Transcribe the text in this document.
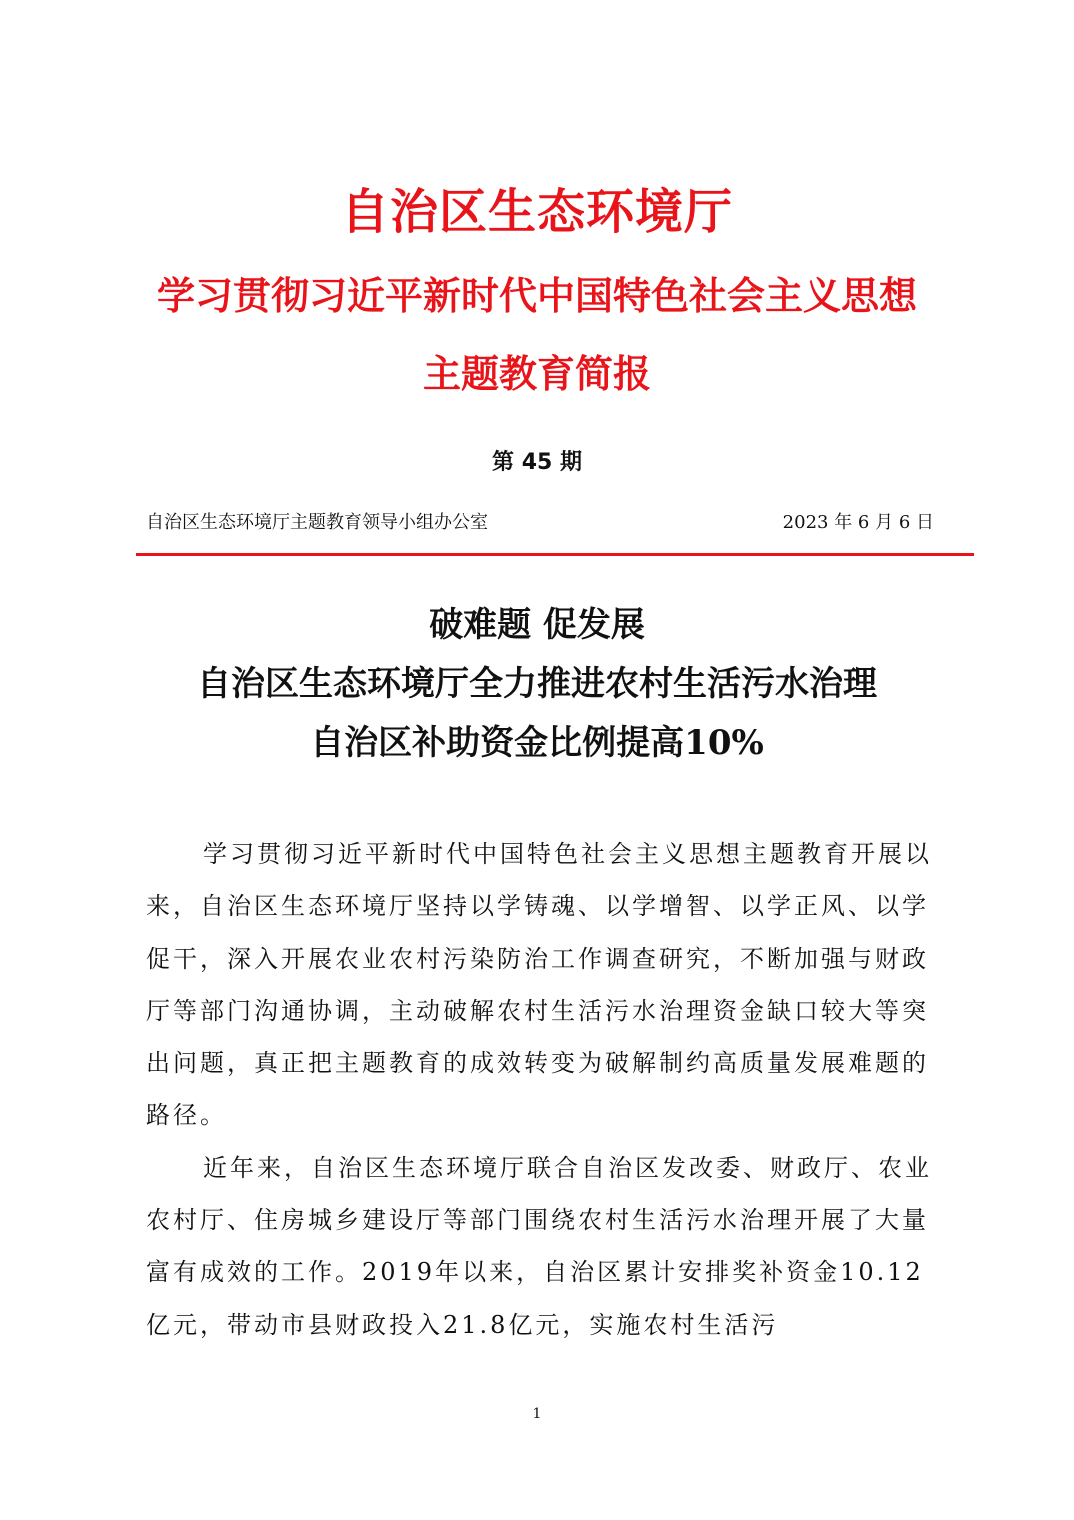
自治区生态环境厅
学习贯彻习近平新时代中国特色社会主义思想
主题教育简报
第 45 期
自治区生态环境厅主题教育领导小组办公室	2023 年 6 月 6 日
破难题 促发展
自治区生态环境厅全力推进农村生活污水治理
自治区补助资金比例提高10%

学习贯彻习近平新时代中国特色社会主义思想主题教育开展以来，自治区生态环境厅坚持以学铸魂、以学增智、以学正风、以学促干，深入开展农业农村污染防治工作调查研究，不断加强与财政厅等部门沟通协调，主动破解农村生活污水治理资金缺口较大等突出问题，真正把主题教育的成效转变为破解制约高质量发展难题的路径。

近年来，自治区生态环境厅联合自治区发改委、财政厅、农业农村厅、住房城乡建设厅等部门围绕农村生活污水治理开展了大量富有成效的工作。2019年以来，自治区累计安排奖补资金10.12亿元，带动市县财政投入21.8亿元，实施农村生活污

1
